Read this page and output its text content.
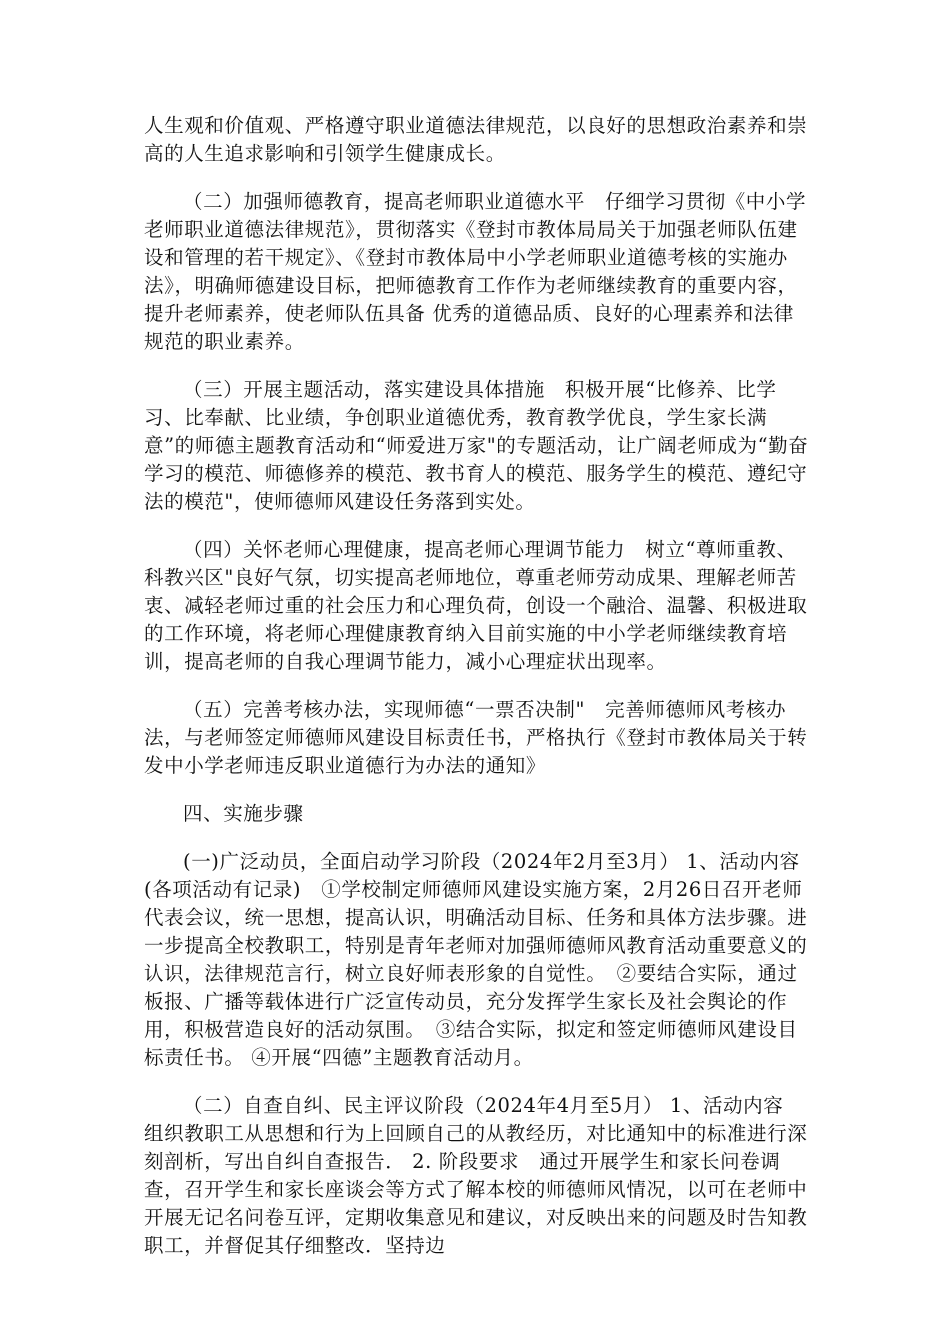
人生观和价值观、严格遵守职业道德法律规范，以良好的思想政治素养和崇高的人生追求影响和引领学生健康成长。

（二）加强师德教育，提高老师职业道德水平　仔细学习贯彻《中小学老师职业道德法律规范》，贯彻落实《登封市教体局局关于加强老师队伍建设和管理的若干规定》、《登封市教体局中小学老师职业道德考核的实施办法》，明确师德建设目标，把师德教育工作作为老师继续教育的重要内容，提升老师素养，使老师队伍具备 优秀的道德品质、良好的心理素养和法律规范的职业素养。

（三）开展主题活动，落实建设具体措施　积极开展“比修养、比学习、比奉献、比业绩，争创职业道德优秀，教育教学优良，学生家长满意”的师德主题教育活动和“师爱进万家"的专题活动，让广阔老师成为“勤奋学习的模范、师德修养的模范、教书育人的模范、服务学生的模范、遵纪守法的模范"，使师德师风建设任务落到实处。

（四）关怀老师心理健康，提高老师心理调节能力　树立“尊师重教、科教兴区"良好气氛，切实提高老师地位，尊重老师劳动成果、理解老师苦衷、减轻老师过重的社会压力和心理负荷，创设一个融洽、温馨、积极进取的工作环境，将老师心理健康教育纳入目前实施的中小学老师继续教育培训，提高老师的自我心理调节能力，减小心理症状出现率。

（五）完善考核办法，实现师德“一票否决制"　完善师德师风考核办法，与老师签定师德师风建设目标责任书，严格执行《登封市教体局关于转发中小学老师违反职业道德行为办法的通知》

四、实施步骤

(一)广泛动员，全面启动学习阶段（2024年2月至3月） 1、活动内容(各项活动有记录)　①学校制定师德师风建设实施方案，2月26日召开老师代表会议，统一思想，提高认识，明确活动目标、任务和具体方法步骤。进一步提高全校教职工，特别是青年老师对加强师德师风教育活动重要意义的认识，法律规范言行，树立良好师表形象的自觉性。　②要结合实际，通过板报、广播等载体进行广泛宣传动员，充分发挥学生家长及社会舆论的作用，积极营造良好的活动氛围。　③结合实际，拟定和签定师德师风建设目标责任书。 ④开展“四德”主题教育活动月。

（二）自查自纠、民主评议阶段（2024年4月至5月） 1、活动内容　组织教职工从思想和行为上回顾自己的从教经历，对比通知中的标准进行深刻剖析，写出自纠自查报告． 2. 阶段要求　通过开展学生和家长问卷调查，召开学生和家长座谈会等方式了解本校的师德师风情况，以可在老师中开展无记名问卷互评，定期收集意见和建议，对反映出来的问题及时告知教职工，并督促其仔细整改．坚持边
